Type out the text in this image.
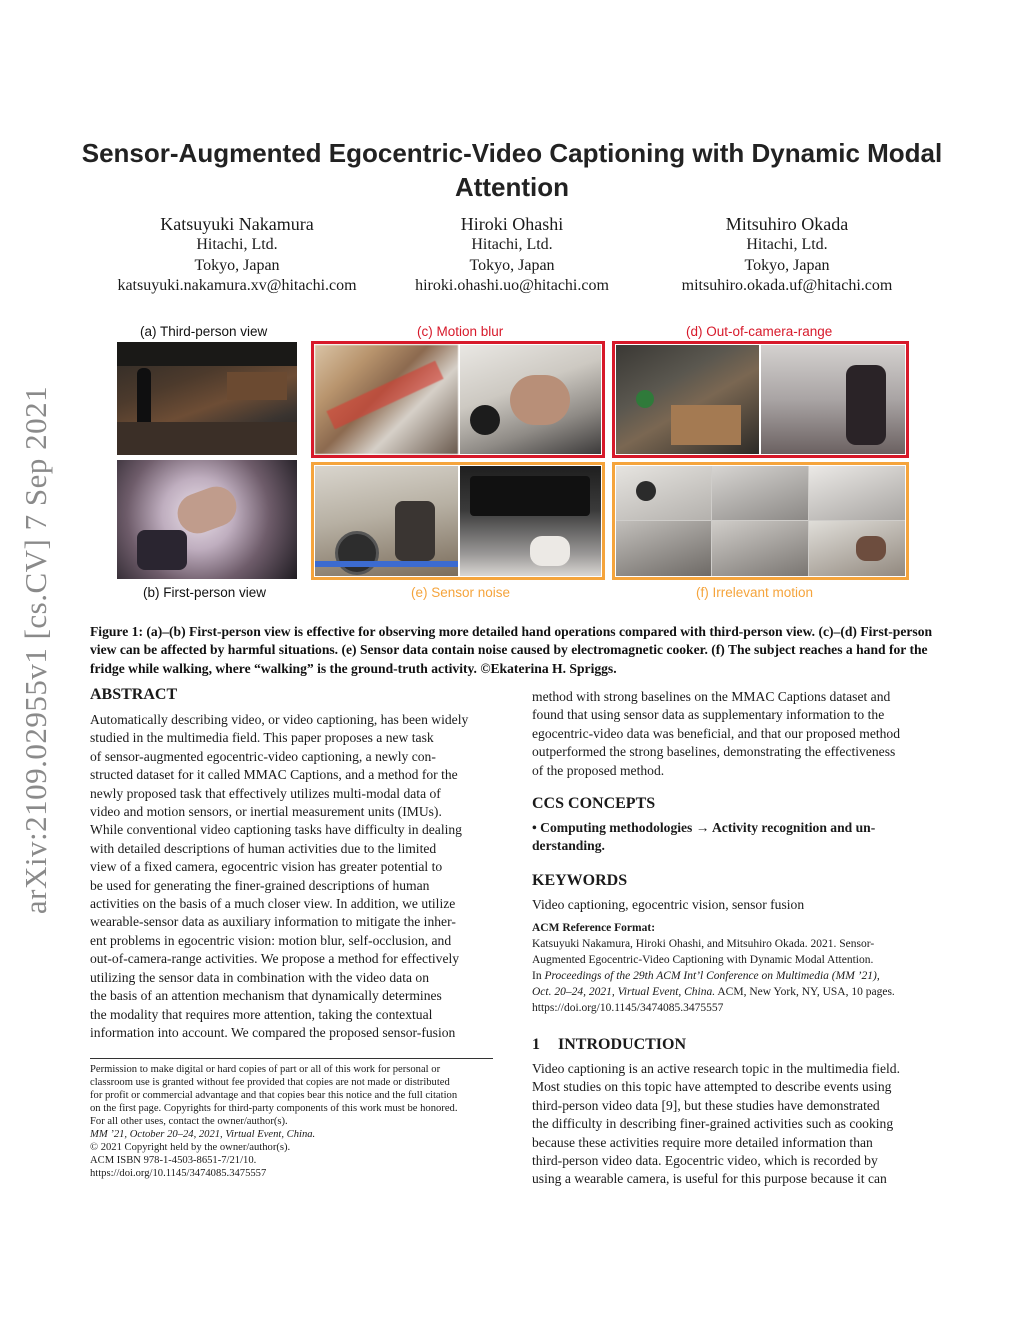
arXiv:2109.02955v1 [cs.CV] 7 Sep 2021
Sensor-Augmented Egocentric-Video Captioning with Dynamic Modal Attention
Katsuyuki Nakamura
Hitachi, Ltd.
Tokyo, Japan
katsuyuki.nakamura.xv@hitachi.com
Hiroki Ohashi
Hitachi, Ltd.
Tokyo, Japan
hiroki.ohashi.uo@hitachi.com
Mitsuhiro Okada
Hitachi, Ltd.
Tokyo, Japan
mitsuhiro.okada.uf@hitachi.com
(a) Third-person view	(c) Motion blur	(d) Out-of-camera-range
(b) First-person view	(e) Sensor noise	(f) Irrelevant motion
Figure 1: (a)–(b) First-person view is effective for observing more detailed hand operations compared with third-person view. (c)–(d) First-person view can be affected by harmful situations. (e) Sensor data contain noise caused by electromagnetic cooker. (f) The subject reaches a hand for the fridge while walking, where “walking” is the ground-truth activity. ©Ekaterina H. Spriggs.
ABSTRACT
Automatically describing video, or video captioning, has been widely
studied in the multimedia field. This paper proposes a new task
of sensor-augmented egocentric-video captioning, a newly con-
structed dataset for it called MMAC Captions, and a method for the
newly proposed task that effectively utilizes multi-modal data of
video and motion sensors, or inertial measurement units (IMUs).
While conventional video captioning tasks have difficulty in dealing
with detailed descriptions of human activities due to the limited
view of a fixed camera, egocentric vision has greater potential to
be used for generating the finer-grained descriptions of human
activities on the basis of a much closer view. In addition, we utilize
wearable-sensor data as auxiliary information to mitigate the inher-
ent problems in egocentric vision: motion blur, self-occlusion, and
out-of-camera-range activities. We propose a method for effectively
utilizing the sensor data in combination with the video data on
the basis of an attention mechanism that dynamically determines
the modality that requires more attention, taking the contextual
information into account. We compared the proposed sensor-fusion
Permission to make digital or hard copies of part or all of this work for personal or
classroom use is granted without fee provided that copies are not made or distributed
for profit or commercial advantage and that copies bear this notice and the full citation
on the first page. Copyrights for third-party components of this work must be honored.
For all other uses, contact the owner/author(s).
MM ’21, October 20–24, 2021, Virtual Event, China.
© 2021 Copyright held by the owner/author(s).
ACM ISBN 978-1-4503-8651-7/21/10.
https://doi.org/10.1145/3474085.3475557
method with strong baselines on the MMAC Captions dataset and
found that using sensor data as supplementary information to the
egocentric-video data was beneficial, and that our proposed method
outperformed the strong baselines, demonstrating the effectiveness
of the proposed method.
CCS CONCEPTS
• Computing methodologies → Activity recognition and un-
derstanding.
KEYWORDS
Video captioning, egocentric vision, sensor fusion
ACM Reference Format:
Katsuyuki Nakamura, Hiroki Ohashi, and Mitsuhiro Okada. 2021. Sensor-
Augmented Egocentric-Video Captioning with Dynamic Modal Attention.
In Proceedings of the 29th ACM Int’l Conference on Multimedia (MM ’21),
Oct. 20–24, 2021, Virtual Event, China. ACM, New York, NY, USA, 10 pages.
https://doi.org/10.1145/3474085.3475557
1 INTRODUCTION
Video captioning is an active research topic in the multimedia field.
Most studies on this topic have attempted to describe events using
third-person video data [9], but these studies have demonstrated
the difficulty in describing finer-grained activities such as cooking
because these activities require more detailed information than
third-person video data. Egocentric video, which is recorded by
using a wearable camera, is useful for this purpose because it can
